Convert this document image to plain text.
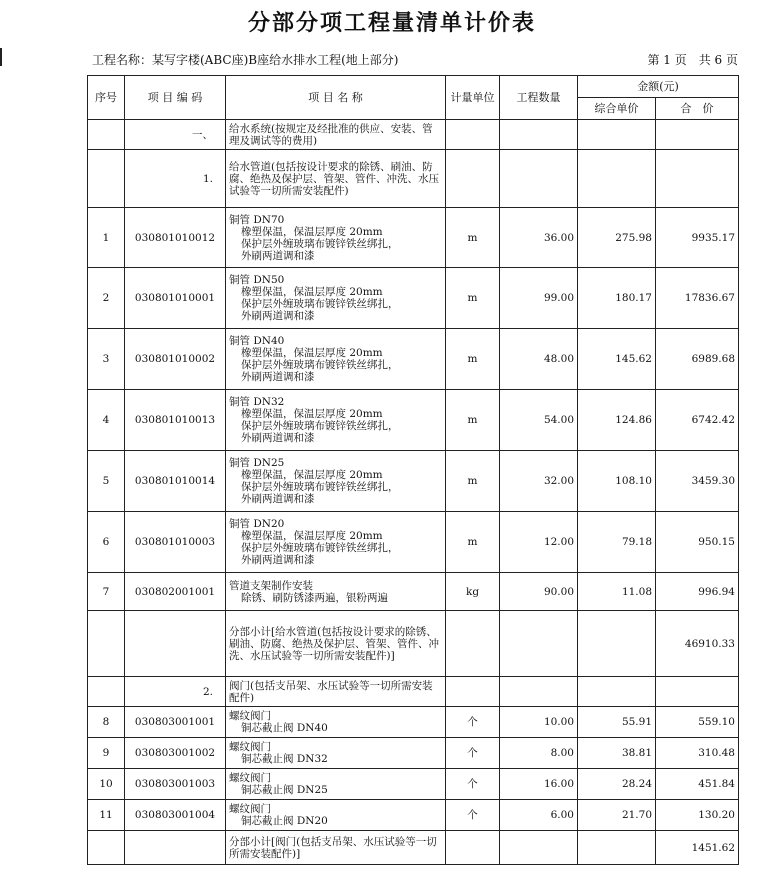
分部分项工程量清单计价表
工程名称：某写字楼(ABC座)B座给水排水工程(地上部分)	第 1 页　共 6 页
序号	项 目 编 码	项 目 名 称	计量单位	工程数量	金额(元)	
					综合单价	合　价
	一、	给水系统(按规定及经批准的供应、安装、管理及调试等的费用)				

	1.	给水管道(包括按设计要求的除锈、刷油、防腐、绝热及保护层、管架、管件、冲洗、水压试验等一切所需安装配件)				

1	030801010012	铜管 DN70
橡塑保温，保温层厚度 20mm
保护层外缠玻璃布镀锌铁丝绑扎，
外刷两道调和漆	m	36.00	275.98	9935.17
2	030801010001	铜管 DN50
橡塑保温，保温层厚度 20mm
保护层外缠玻璃布镀锌铁丝绑扎，
外刷两道调和漆	m	99.00	180.17	17836.67
3	030801010002	铜管 DN40
橡塑保温，保温层厚度 20mm
保护层外缠玻璃布镀锌铁丝绑扎，
外刷两道调和漆	m	48.00	145.62	6989.68
4	030801010013	铜管 DN32
橡塑保温，保温层厚度 20mm
保护层外缠玻璃布镀锌铁丝绑扎，
外刷两道调和漆	m	54.00	124.86	6742.42
5	030801010014	铜管 DN25
橡塑保温，保温层厚度 20mm
保护层外缠玻璃布镀锌铁丝绑扎，
外刷两道调和漆	m	32.00	108.10	3459.30
6	030801010003	铜管 DN20
橡塑保温，保温层厚度 20mm
保护层外缠玻璃布镀锌铁丝绑扎，
外刷两道调和漆	m	12.00	79.18	950.15
7	030802001001	管道支架制作安装
除锈、刷防锈漆两遍，银粉两遍	kg	90.00	11.08	996.94

		分部小计[给水管道(包括按设计要求的除锈、刷油、防腐、绝热及保护层、管架、管件、冲洗、水压试验等一切所需安装配件)]				46910.33
	2.	阀门(包括支吊架、水压试验等一切所需安装配件)				

8	030803001001	螺纹阀门
铜芯截止阀 DN40	个	10.00	55.91	559.10
9	030803001002	螺纹阀门
铜芯截止阀 DN32	个	8.00	38.81	310.48
10	030803001003	螺纹阀门
铜芯截止阀 DN25	个	16.00	28.24	451.84
11	030803001004	螺纹阀门
铜芯截止阀 DN20	个	6.00	21.70	130.20

		分部小计[阀门(包括支吊架、水压试验等一切所需安装配件)]				1451.62
